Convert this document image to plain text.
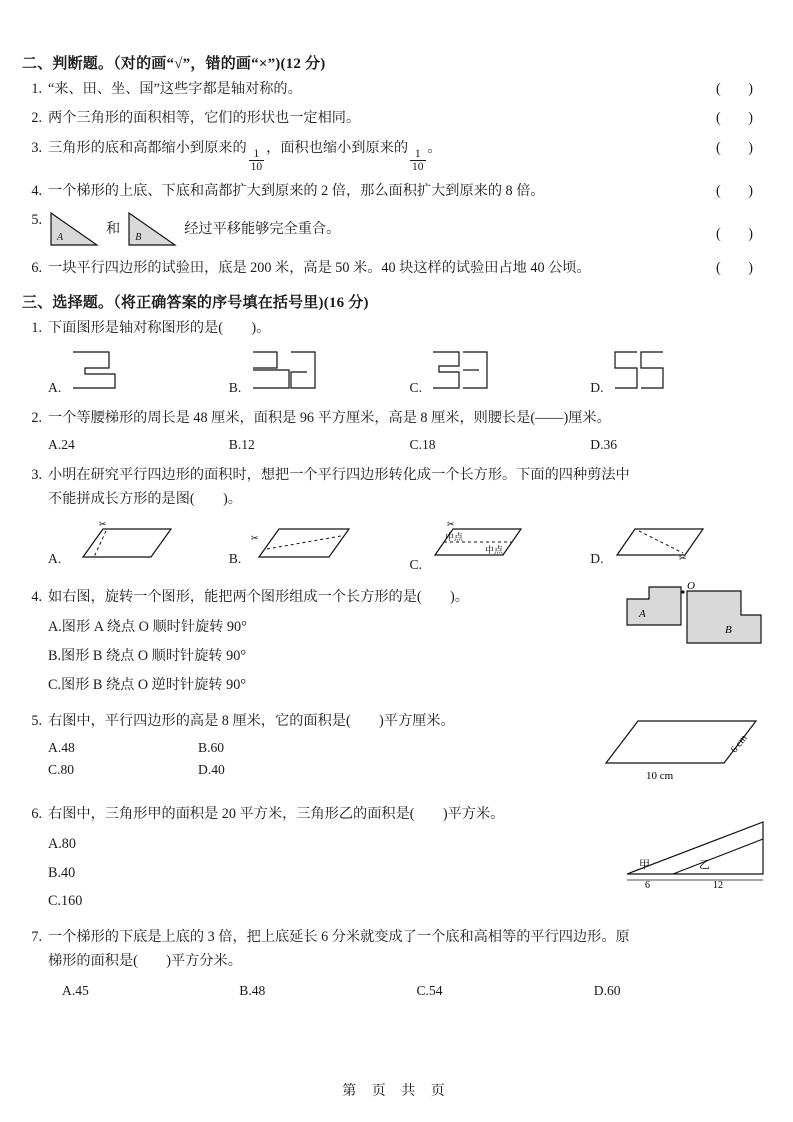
二、判断题。（对的画“√”，错的画“×”)(12 分)
1. “来、田、坐、国”这些字都是轴对称的。	( )
2. 两个三角形的面积相等，它们的形状也一定相同。	( )
3. 三角形的底和高都缩小到原来的
$\frac{1}{10}$
，面积也缩小到原来的
$\frac{1}{10}$
。	( )
4. 一个梯形的上底、下底和高都扩大到原来的 2 倍，那么面积扩大到原来的 8 倍。	( )
5.
A
和
B
经过平移能够完全重合。	( )
6. 一块平行四边形的试验田，底是 200 米，高是 50 米。40 块这样的试验田占地 40 公顷。	( )
三、选择题。（将正确答案的序号填在括号里)(16 分)
1. 下面图形是轴对称图形的是(　　)。
A.	B.	C.	D.
2. 一个等腰梯形的周长是 48 厘米，面积是 96 平方厘米，高是 8 厘米，则腰长是(——)厘米。
A.24	B.12	C.18	D.36
3. 小明在研究平行四边形的面积时，想把一个平行四边形转化成一个长方形。下面的四种剪法中
不能拼成长方形的是图(　　)。
A.
✂
B.
✂
C.
✂
中点
中点
D.	✂
4. 如右图，旋转一个图形，能把两个图形组成一个长方形的是(　　)。
A.图形 A 绕点 O 顺时针旋转 90°
B.图形 B 绕点 O 顺时针旋转 90°
C.图形 B 绕点 O 逆时针旋转 90°
A
B
O
5. 右图中，平行四边形的高是 8 厘米，它的面积是(　　)平方厘米。
A.48	B.60
C.80	D.40	10 cm
6 cm
6. 右图中，三角形甲的面积是 20 平方米，三角形乙的面积是(　　)平方米。
A.80
B.40
C.160
甲	乙
6	12
7. 一个梯形的下底是上底的 3 倍，把上底延长 6 分米就变成了一个底和高相等的平行四边形。原
梯形的面积是(　　)平方分米。
A.45	B.48	C.54	D.60
第 页 共 页
